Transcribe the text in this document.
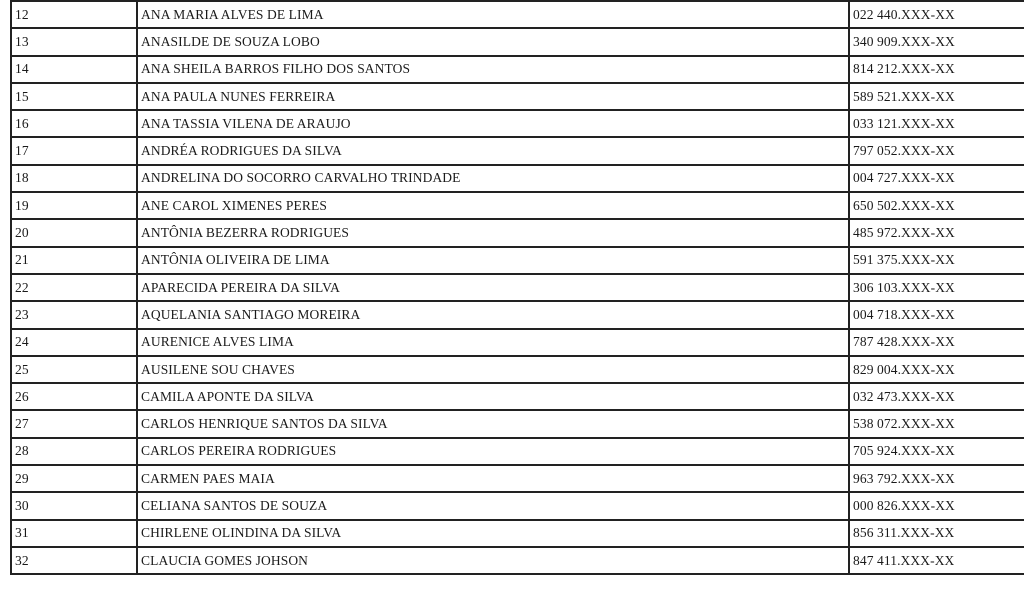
12	ANA MARIA ALVES DE LIMA	022 440.XXX-XX
13	ANASILDE DE SOUZA LOBO	340 909.XXX-XX
14	ANA SHEILA BARROS FILHO DOS SANTOS	814 212.XXX-XX
15	ANA PAULA NUNES FERREIRA	589 521.XXX-XX
16	ANA TASSIA VILENA DE ARAUJO	033 121.XXX-XX
17	ANDRÉA RODRIGUES DA SILVA	797 052.XXX-XX
18	ANDRELINA DO SOCORRO CARVALHO TRINDADE	004 727.XXX-XX
19	ANE CAROL XIMENES PERES	650 502.XXX-XX
20	ANTÔNIA BEZERRA RODRIGUES	485 972.XXX-XX
21	ANTÔNIA OLIVEIRA DE LIMA	591 375.XXX-XX
22	APARECIDA PEREIRA DA SILVA	306 103.XXX-XX
23	AQUELANIA SANTIAGO MOREIRA	004 718.XXX-XX
24	AURENICE ALVES LIMA	787 428.XXX-XX
25	AUSILENE SOU CHAVES	829 004.XXX-XX
26	CAMILA APONTE DA SILVA	032 473.XXX-XX
27	CARLOS HENRIQUE SANTOS DA SILVA	538 072.XXX-XX
28	CARLOS PEREIRA RODRIGUES	705 924.XXX-XX
29	CARMEN PAES MAIA	963 792.XXX-XX
30	CELIANA SANTOS DE SOUZA	000 826.XXX-XX
31	CHIRLENE OLINDINA DA SILVA	856 311.XXX-XX
32	CLAUCIA GOMES JOHSON	847 411.XXX-XX
